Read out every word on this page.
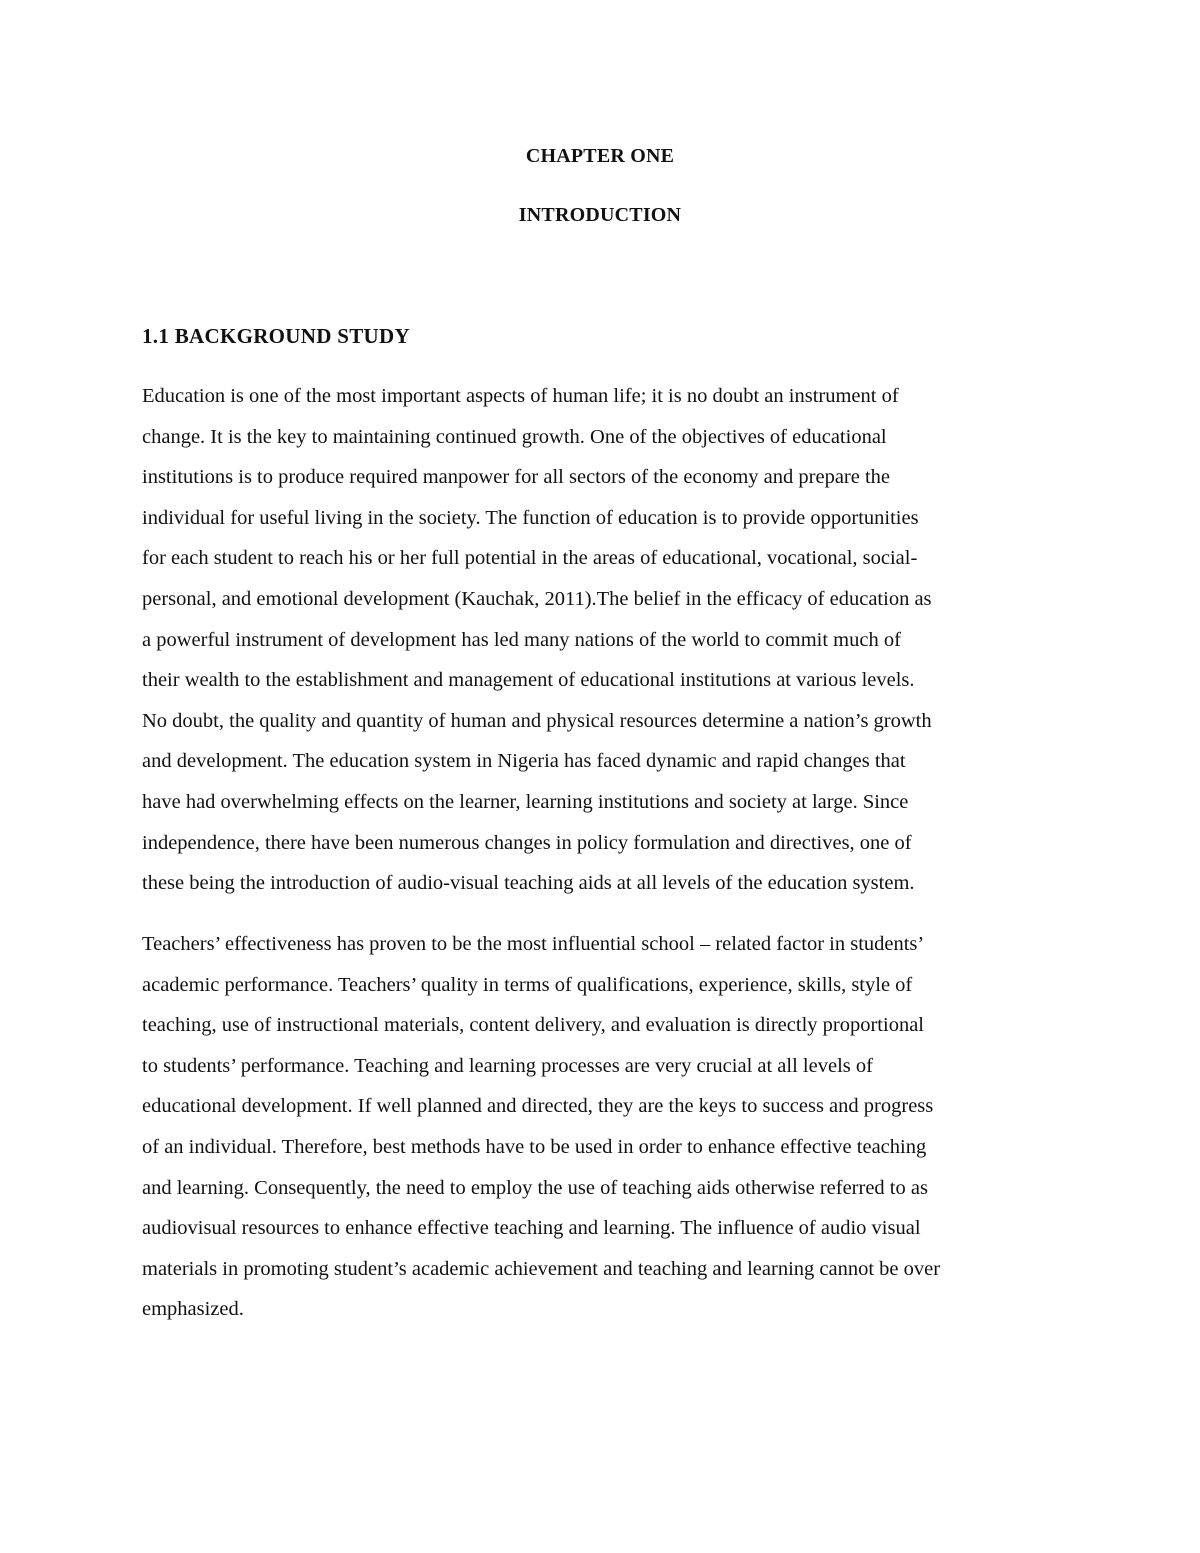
CHAPTER ONE
INTRODUCTION
1.1 BACKGROUND STUDY
Education is one of the most important aspects of human life; it is no doubt an instrument of
change. It is the key to maintaining continued growth. One of the objectives of educational
institutions is to produce required manpower for all sectors of the economy and prepare the
individual for useful living in the society. The function of education is to provide opportunities
for each student to reach his or her full potential in the areas of educational, vocational, social-
personal, and emotional development (Kauchak, 2011).The belief in the efficacy of education as
a powerful instrument of development has led many nations of the world to commit much of
their wealth to the establishment and management of educational institutions at various levels.
No doubt, the quality and quantity of human and physical resources determine a nation’s growth
and development. The education system in Nigeria has faced dynamic and rapid changes that
have had overwhelming effects on the learner, learning institutions and society at large. Since
independence, there have been numerous changes in policy formulation and directives, one of
these being the introduction of audio-visual teaching aids at all levels of the education system.
Teachers’ effectiveness has proven to be the most influential school – related factor in students’
academic performance. Teachers’ quality in terms of qualifications, experience, skills, style of
teaching, use of instructional materials, content delivery, and evaluation is directly proportional
to students’ performance. Teaching and learning processes are very crucial at all levels of
educational development. If well planned and directed, they are the keys to success and progress
of an individual. Therefore, best methods have to be used in order to enhance effective teaching
and learning. Consequently, the need to employ the use of teaching aids otherwise referred to as
audiovisual resources to enhance effective teaching and learning. The influence of audio visual
materials in promoting student’s academic achievement and teaching and learning cannot be over
emphasized.
